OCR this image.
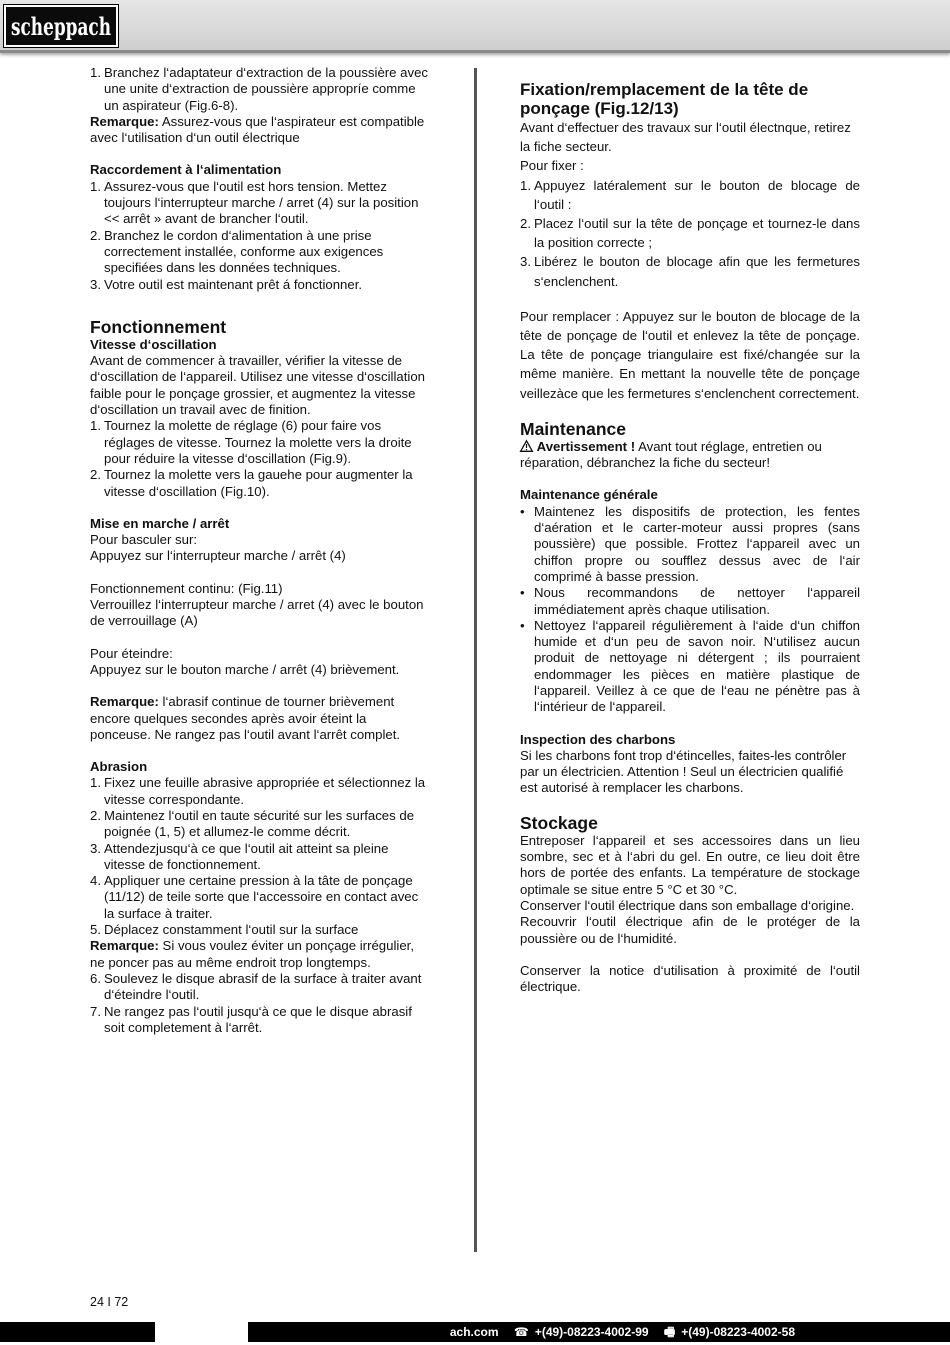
scheppach
1. Branchez l‘adaptateur d‘extraction de la poussière avec une unite d‘extraction de poussière appropríe comme un aspirateur (Fig.6-8).

Remarque: Assurez-vous que l‘aspirateur est compatible avec l‘utilisation d‘un outil électrique

Raccordement à l‘alimentation

1. Assurez-vous que l‘outil est hors tension. Mettez toujours l‘interrupteur marche / arret (4) sur la position << arrêt » avant de brancher l‘outil.
2. Branchez le cordon d‘alimentation à une prise correctement installée, conforme aux exigences specifiées dans les données techniques.
3. Votre outil est maintenant prêt á fonctionner.

Fonctionnement

Vitesse d‘oscillation

Avant de commencer à travailler, vérifier la vitesse de d‘oscillation de l‘appareil. Utilisez une vitesse d‘oscillation faible pour le ponçage grossier, et augmentez la vitesse d‘oscillation un travail avec de finition.

1. Tournez la molette de réglage (6) pour faire vos réglages de vitesse. Tournez la molette vers la droite pour réduire la vitesse d‘oscillation (Fig.9).
2. Tournez la molette vers la gauehe pour augmenter la vitesse d‘oscillation (Fig.10).

Mise en marche / arrêt

Pour basculer sur:

Appuyez sur l‘interrupteur marche / arrêt (4)

Fonctionnement continu: (Fig.11)

Verrouillez l‘interrupteur marche / arret (4) avec le bouton de verrouillage (A)

Pour éteindre:

Appuyez sur le bouton marche / arrêt (4) brièvement.

Remarque: l‘abrasif continue de tourner brièvement encore quelques secondes après avoir éteint la ponceuse. Ne rangez pas l‘outil avant l‘arrêt complet.

Abrasion

1. Fixez une feuille abrasive appropriée et sélectionnez la vitesse correspondante.
2. Maintenez l‘outil en taute sécurité sur les surfaces de poignée (1, 5) et allumez-le comme décrit.
3. Attendezjusqu‘à ce que l‘outil ait atteint sa pleine vitesse de fonctionnement.
4. Appliquer une certaine pression à la tâte de ponçage (11/12) de teile sorte que l‘accessoire en contact avec la surface à traiter.
5. Déplacez constamment l‘outil sur la surface

Remarque: Si vous voulez éviter un ponçage irrégulier, ne poncer pas au même endroit trop longtemps.

6. Soulevez le disque abrasif de la surface à traiter avant d‘éteindre l‘outil.
7. Ne rangez pas l‘outil jusqu‘à ce que le disque abrasif soit completement à l‘arrêt.

Fixation/remplacement de la tête de ponçage (Fig.12/13)

Avant d‘effectuer des travaux sur l‘outil électnque, retirez la fiche secteur.

Pour fixer :

1. Appuyez latéralement sur le bouton de blocage de l‘outil :
2. Placez l‘outil sur la tête de ponçage et tournez-le dans la position correcte ;
3. Libérez le bouton de blocage afin que les fermetures s‘enclenchent.

Pour remplacer : Appuyez sur le bouton de blocage de la tête de ponçage de l‘outil et enlevez la tête de ponçage. La tête de ponçage triangulaire est fixé/changée sur la même manière. En mettant la nouvelle tête de ponçage veillezàce que les fermetures s‘enclenchent correctement.

Maintenance

Avertissement ! Avant tout réglage, entretien ou réparation, débranchez la fiche du secteur!

Maintenance générale

• Maintenez les dispositifs de protection, les fentes d‘aération et le carter-moteur aussi propres (sans poussière) que possible. Frottez l‘appareil avec un chiffon propre ou soufflez dessus avec de l‘air comprimé à basse pression.
• Nous recommandons de nettoyer l‘appareil immédiatement après chaque utilisation.
• Nettoyez l‘appareil régulièrement à l‘aide d‘un chiffon humide et d‘un peu de savon noir. N‘utilisez aucun produit de nettoyage ni détergent ; ils pourraient endommager les pièces en matière plastique de l‘appareil. Veillez à ce que de l‘eau ne pénètre pas à l‘intérieur de l‘appareil.

Inspection des charbons

Si les charbons font trop d‘étincelles, faites-les contrôler par un électricien. Attention ! Seul un électricien qualifié est autorisé à remplacer les charbons.

Stockage

Entreposer l‘appareil et ses accessoires dans un lieu sombre, sec et à l‘abri du gel. En outre, ce lieu doit être hors de portée des enfants. La température de stockage optimale se situe entre 5 °C et 30 °C.

Conserver l‘outil électrique dans son emballage d‘origine.

Recouvrir l‘outil électrique afin de le protéger de la poussière ou de l‘humidité.

Conserver la notice d‘utilisation à proximité de l‘outil électrique.

24 I 72
ach.com ☎ +(49)-08223-4002-99 🖷 +(49)-08223-4002-58
